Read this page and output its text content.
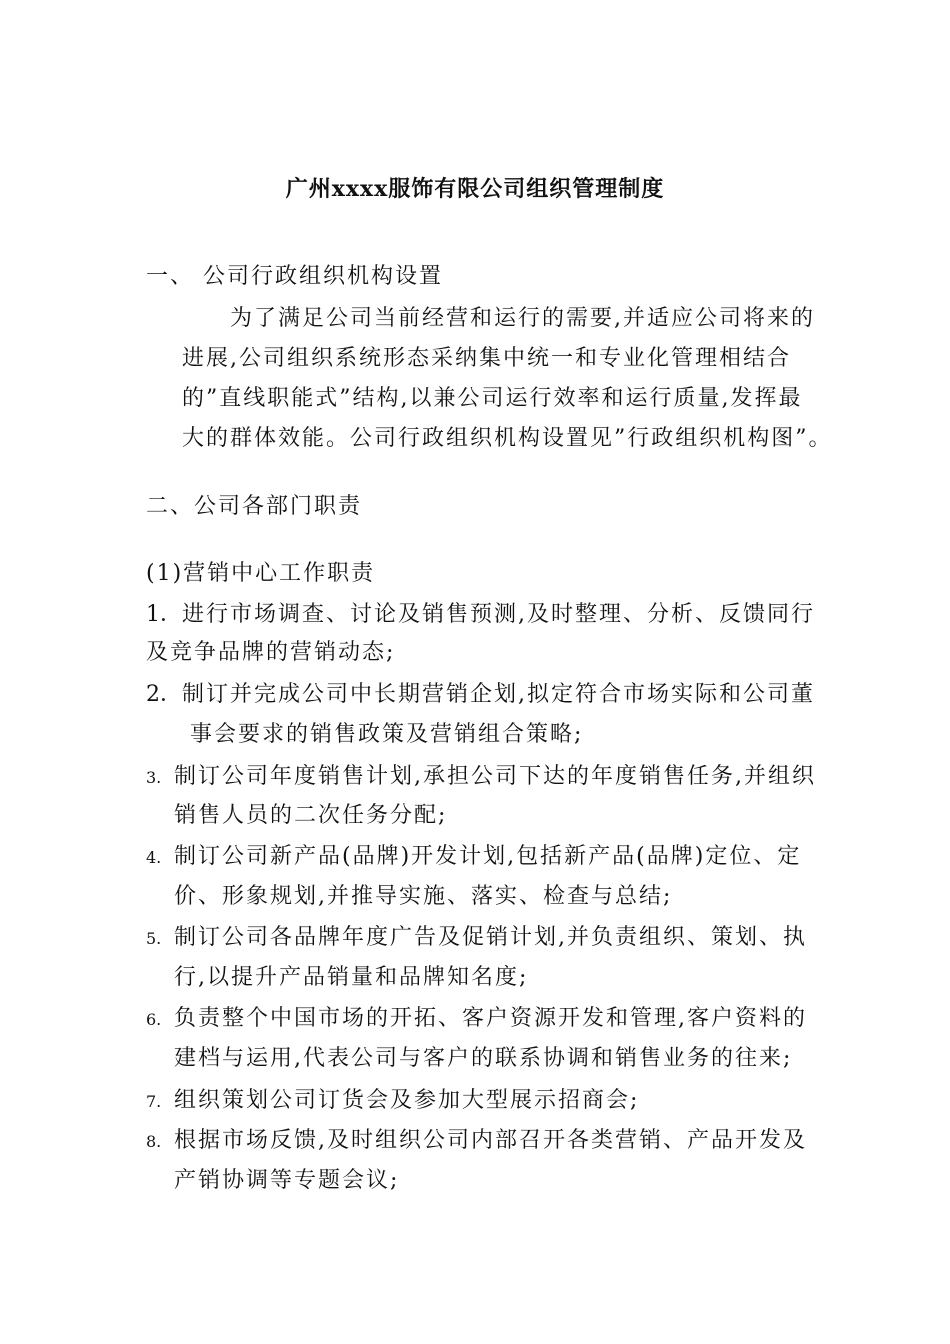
广州xxxx服饰有限公司组织管理制度
一、 公司行政组织机构设置
为了满足公司当前经营和运行的需要,并适应公司将来的
进展,公司组织系统形态采纳集中统一和专业化管理相结合
的”直线职能式”结构,以兼公司运行效率和运行质量,发挥最
大的群体效能。公司行政组织机构设置见”行政组织机构图”。
二、公司各部门职责
(1)营销中心工作职责
1．进行市场调查、讨论及销售预测,及时整理、分析、反馈同行
及竞争品牌的营销动态;
2．制订并完成公司中长期营销企划,拟定符合市场实际和公司董
事会要求的销售政策及营销组合策略;
3. 制订公司年度销售计划,承担公司下达的年度销售任务,并组织
销售人员的二次任务分配;
4. 制订公司新产品(品牌)开发计划,包括新产品(品牌)定位、定
价、形象规划,并推导实施、落实、检查与总结;
5. 制订公司各品牌年度广告及促销计划,并负责组织、策划、执
行,以提升产品销量和品牌知名度;
6. 负责整个中国市场的开拓、客户资源开发和管理,客户资料的
建档与运用,代表公司与客户的联系协调和销售业务的往来;
7. 组织策划公司订货会及参加大型展示招商会;
8. 根据市场反馈,及时组织公司内部召开各类营销、产品开发及
产销协调等专题会议;
